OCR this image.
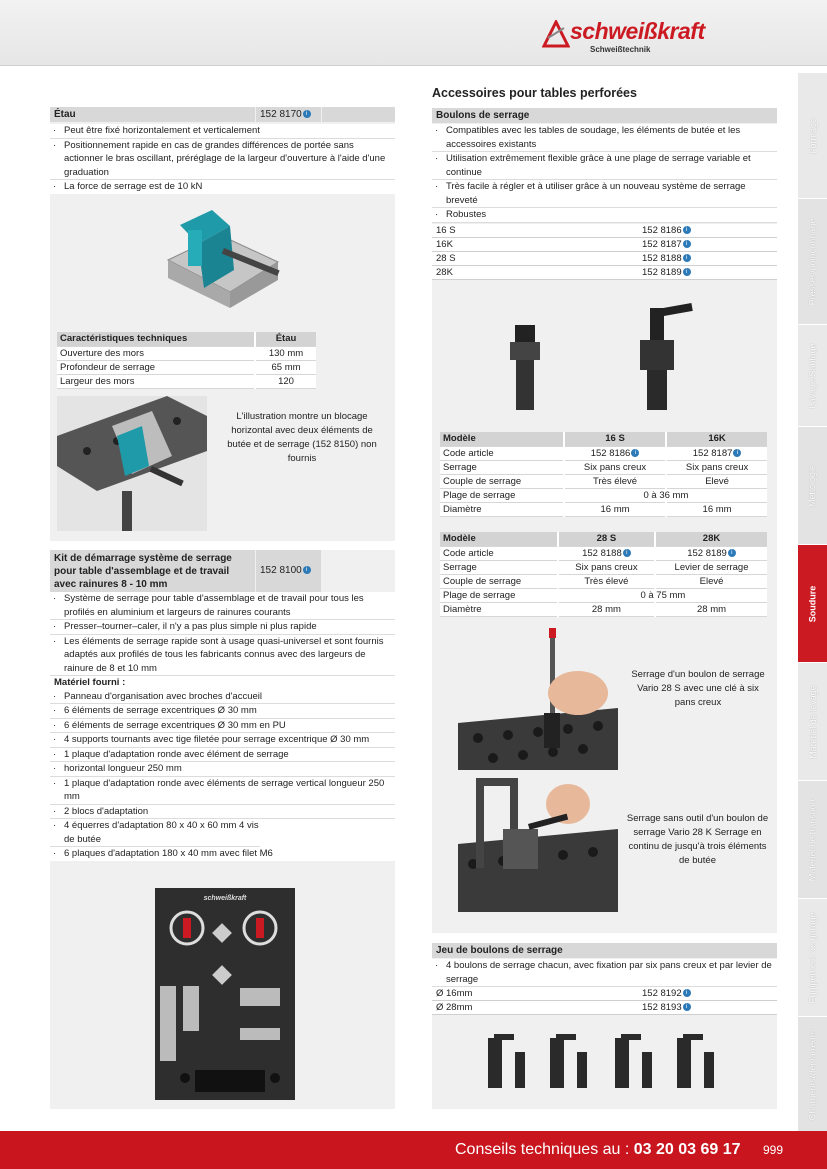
schweißkraft
Schweißtechnik
Formage
Presses/poinçonnage
Lavage/Sablage
Métrologie
Soudure
Matériel de levage
Matériel de transport
Équipement de garage
Chargeurs/démarreurs
Étau	152 8170 i
· Peut être fixé horizontalement et verticalement
· Positionnement rapide en cas de grandes différences de portée sans actionner le bras oscillant, préréglage de la largeur d'ouverture à l'aide d'une graduation
· La force de serrage est de 10 kN
Caractéristiques techniques	Étau
Ouverture des mors	130 mm
Profondeur de serrage	65 mm
Largeur des mors	120
L'illustration montre un blocage horizontal avec deux éléments de butée et de serrage (152 8150) non fournis
Kit de démarrage système de serrage pour table d'assemblage et de travail avec rainures 8 - 10 mm
152 8100 i
· Système de serrage pour table d'assemblage et de travail pour tous les profilés en aluminium et largeurs de rainures courants
· Presser–tourner–caler, il n'y a pas plus simple ni plus rapide
· Les éléments de serrage rapide sont à usage quasi-universel et sont fournis adaptés aux profilés de tous les fabricants connus avec des largeurs de rainure de 8 et 10 mm
Matériel fourni :
· Panneau d'organisation avec broches d'accueil
· 6 éléments de serrage excentriques Ø 30 mm
· 6 éléments de serrage excentriques Ø 30 mm en PU
· 4 supports tournants avec tige filetée pour serrage excentrique Ø 30 mm
· 1 plaque d'adaptation ronde avec élément de serrage
· horizontal longueur 250 mm
· 1 plaque d'adaptation ronde avec éléments de serrage vertical longueur 250 mm
· 2 blocs d'adaptation
· 4 équerres d'adaptation 80 x 40 x 60 mm 4 vis de butée
· 6 plaques d'adaptation 180 x 40 mm avec filet M6
schweißkraft
Accessoires pour tables perforées
Boulons de serrage
· Compatibles avec les tables de soudage, les éléments de butée et les accessoires existants
· Utilisation extrêmement flexible grâce à une plage de serrage variable et continue
· Très facile à régler et à utiliser grâce à un nouveau système de serrage breveté
· Robustes
16 S	152 8186 i
16K	152 8187 i
28 S	152 8188 i
28K	152 8189 i
Modèle	16 S	16K
Code article	152 8186 i	152 8187 i
Serrage	Six pans creux	Six pans creux
Couple de serrage	Très élevé	Elevé
Plage de serrage	0 à 36 mm	
Diamètre	16 mm	16 mm
Modèle	28 S	28K
Code article	152 8188 i	152 8189 i
Serrage	Six pans creux	Levier de serrage
Couple de serrage	Très élevé	Elevé
Plage de serrage	0 à 75 mm	
Diamètre	28 mm	28 mm
Serrage d'un boulon de serrage Vario 28 S avec une clé à six pans creux
Serrage sans outil d'un boulon de serrage Vario 28 K Serrage en continu de jusqu'à trois éléments de butée
Jeu de boulons de serrage
· 4 boulons de serrage chacun, avec fixation par six pans creux et par levier de serrage
Ø 16mm	152 8192 i
Ø 28mm	152 8193 i
Conseils techniques au : 03 20 03 69 17 999
